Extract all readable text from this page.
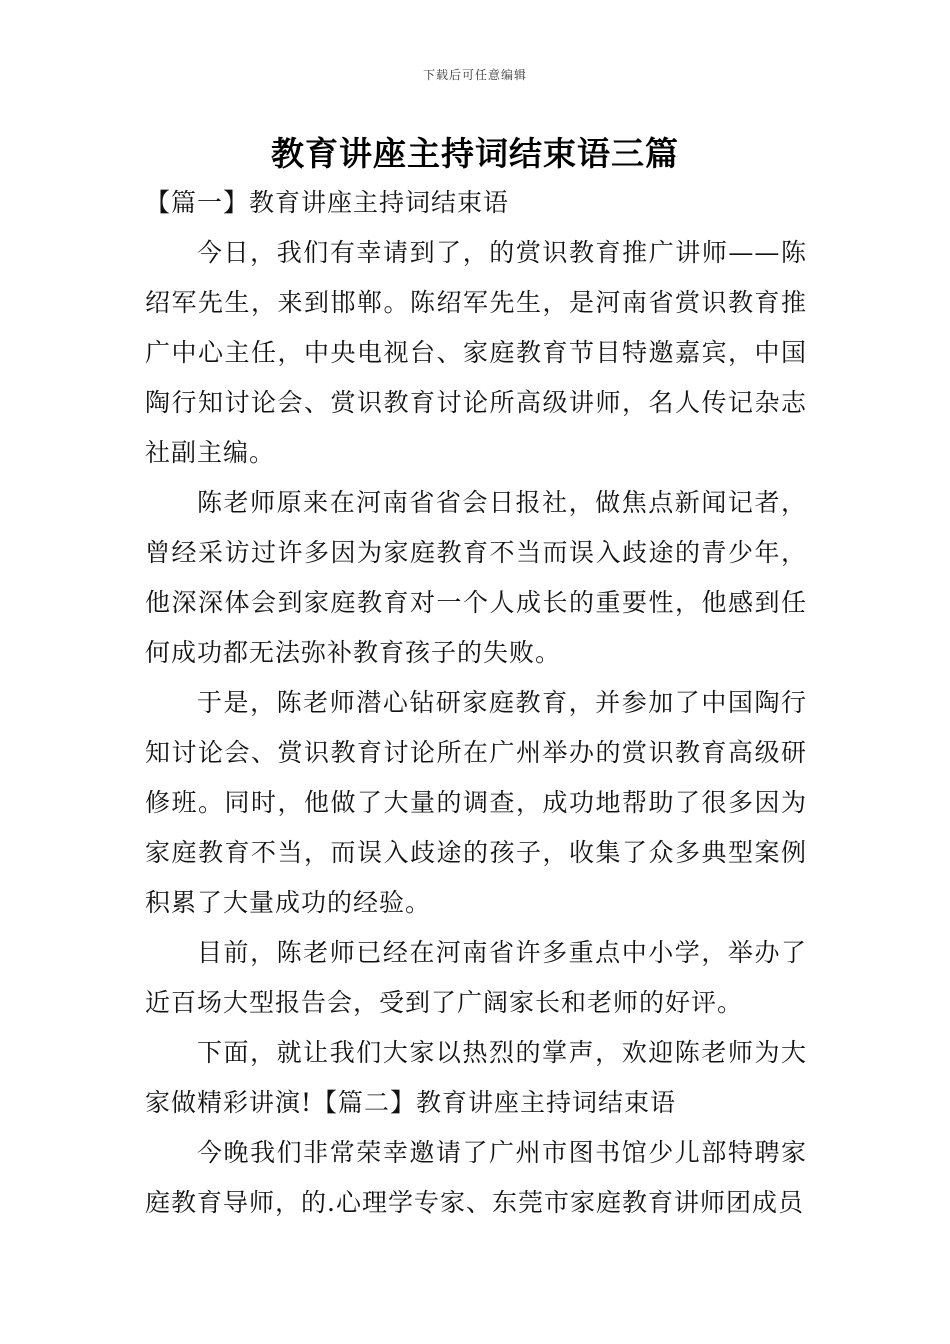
下载后可任意编辑
教育讲座主持词结束语三篇

【篇一】教育讲座主持词结束语

今日，我们有幸请到了，的赏识教育推广讲师——陈绍军先生，来到邯郸。陈绍军先生，是河南省赏识教育推广中心主任，中央电视台、家庭教育节目特邀嘉宾，中国陶行知讨论会、赏识教育讨论所高级讲师，名人传记杂志社副主编。

陈老师原来在河南省省会日报社，做焦点新闻记者，曾经采访过许多因为家庭教育不当而误入歧途的青少年，他深深体会到家庭教育对一个人成长的重要性，他感到任何成功都无法弥补教育孩子的失败。

于是，陈老师潜心钻研家庭教育，并参加了中国陶行知讨论会、赏识教育讨论所在广州举办的赏识教育高级研修班。同时，他做了大量的调查，成功地帮助了很多因为家庭教育不当，而误入歧途的孩子，收集了众多典型案例积累了大量成功的经验。

目前，陈老师已经在河南省许多重点中小学，举办了近百场大型报告会，受到了广阔家长和老师的好评。

下面，就让我们大家以热烈的掌声，欢迎陈老师为大家做精彩讲演!【篇二】教育讲座主持词结束语

今晚我们非常荣幸邀请了广州市图书馆少儿部特聘家庭教育导师，的.心理学专家、东莞市家庭教育讲师团成员
